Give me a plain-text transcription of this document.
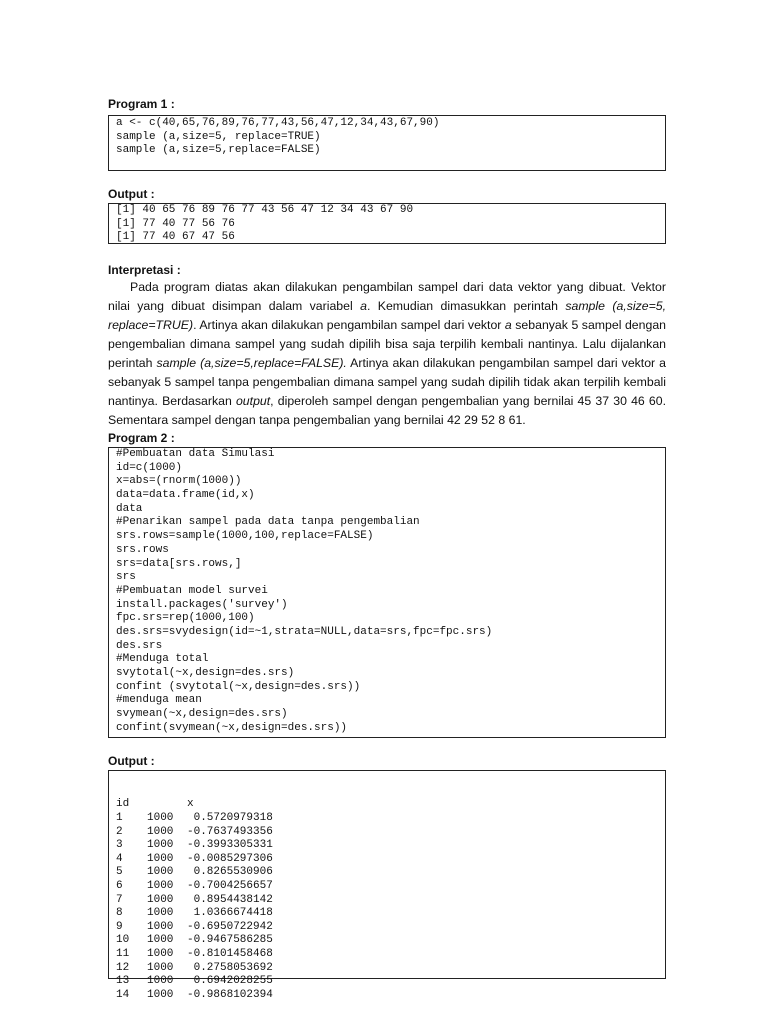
Program 1 :

a <- c(40,65,76,89,76,77,43,56,47,12,34,43,67,90)
sample (a,size=5, replace=TRUE)
sample (a,size=5,replace=FALSE)

Output :

[1] 40 65 76 89 76 77 43 56 47 12 34 43 67 90
[1] 77 40 77 56 76
[1] 77 40 67 47 56

Interpretasi :

Pada program diatas akan dilakukan pengambilan sampel dari data vektor yang dibuat. Vektor nilai yang dibuat disimpan dalam variabel a. Kemudian dimasukkan perintah sample (a,size=5, replace=TRUE). Artinya akan dilakukan pengambilan sampel dari vektor a sebanyak 5 sampel dengan pengembalian dimana sampel yang sudah dipilih bisa saja terpilih kembali nantinya. Lalu dijalankan perintah sample (a,size=5,replace=FALSE). Artinya akan dilakukan pengambilan sampel dari vektor a sebanyak 5 sampel tanpa pengembalian dimana sampel yang sudah dipilih tidak akan terpilih kembali nantinya. Berdasarkan output, diperoleh sampel dengan pengembalian yang bernilai 45 37 30 46 60. Sementara sampel dengan tanpa pengembalian yang bernilai 42 29 52 8 61.

Program 2 :

#Pembuatan data Simulasi
id=c(1000)
x=abs=(rnorm(1000))
data=data.frame(id,x)
data
#Penarikan sampel pada data tanpa pengembalian
srs.rows=sample(1000,100,replace=FALSE)
srs.rows
srs=data[srs.rows,]
srs
#Pembuatan model survei
install.packages('survey')
fpc.srs=rep(1000,100)
des.srs=svydesign(id=~1,strata=NULL,data=srs,fpc=fpc.srs)
des.srs
#Menduga total
svytotal(~x,design=des.srs)
confint (svytotal(~x,design=des.srs))
#menduga mean
svymean(~x,design=des.srs)
confint(svymean(~x,design=des.srs))

Output :

id		x
1	1000	0.5720979318
2	1000	-0.7637493356
3	1000	-0.3993305331
4	1000	-0.0085297306
5	1000	0.8265530906
6	1000	-0.7004256657
7	1000	0.8954438142
8	1000	1.0366674418
9	1000	-0.6950722942
10	1000	-0.9467586285
11	1000	-0.8101458468
12	1000	0.2758053692
13	1000	0.6942028255
14	1000	-0.9868102394
